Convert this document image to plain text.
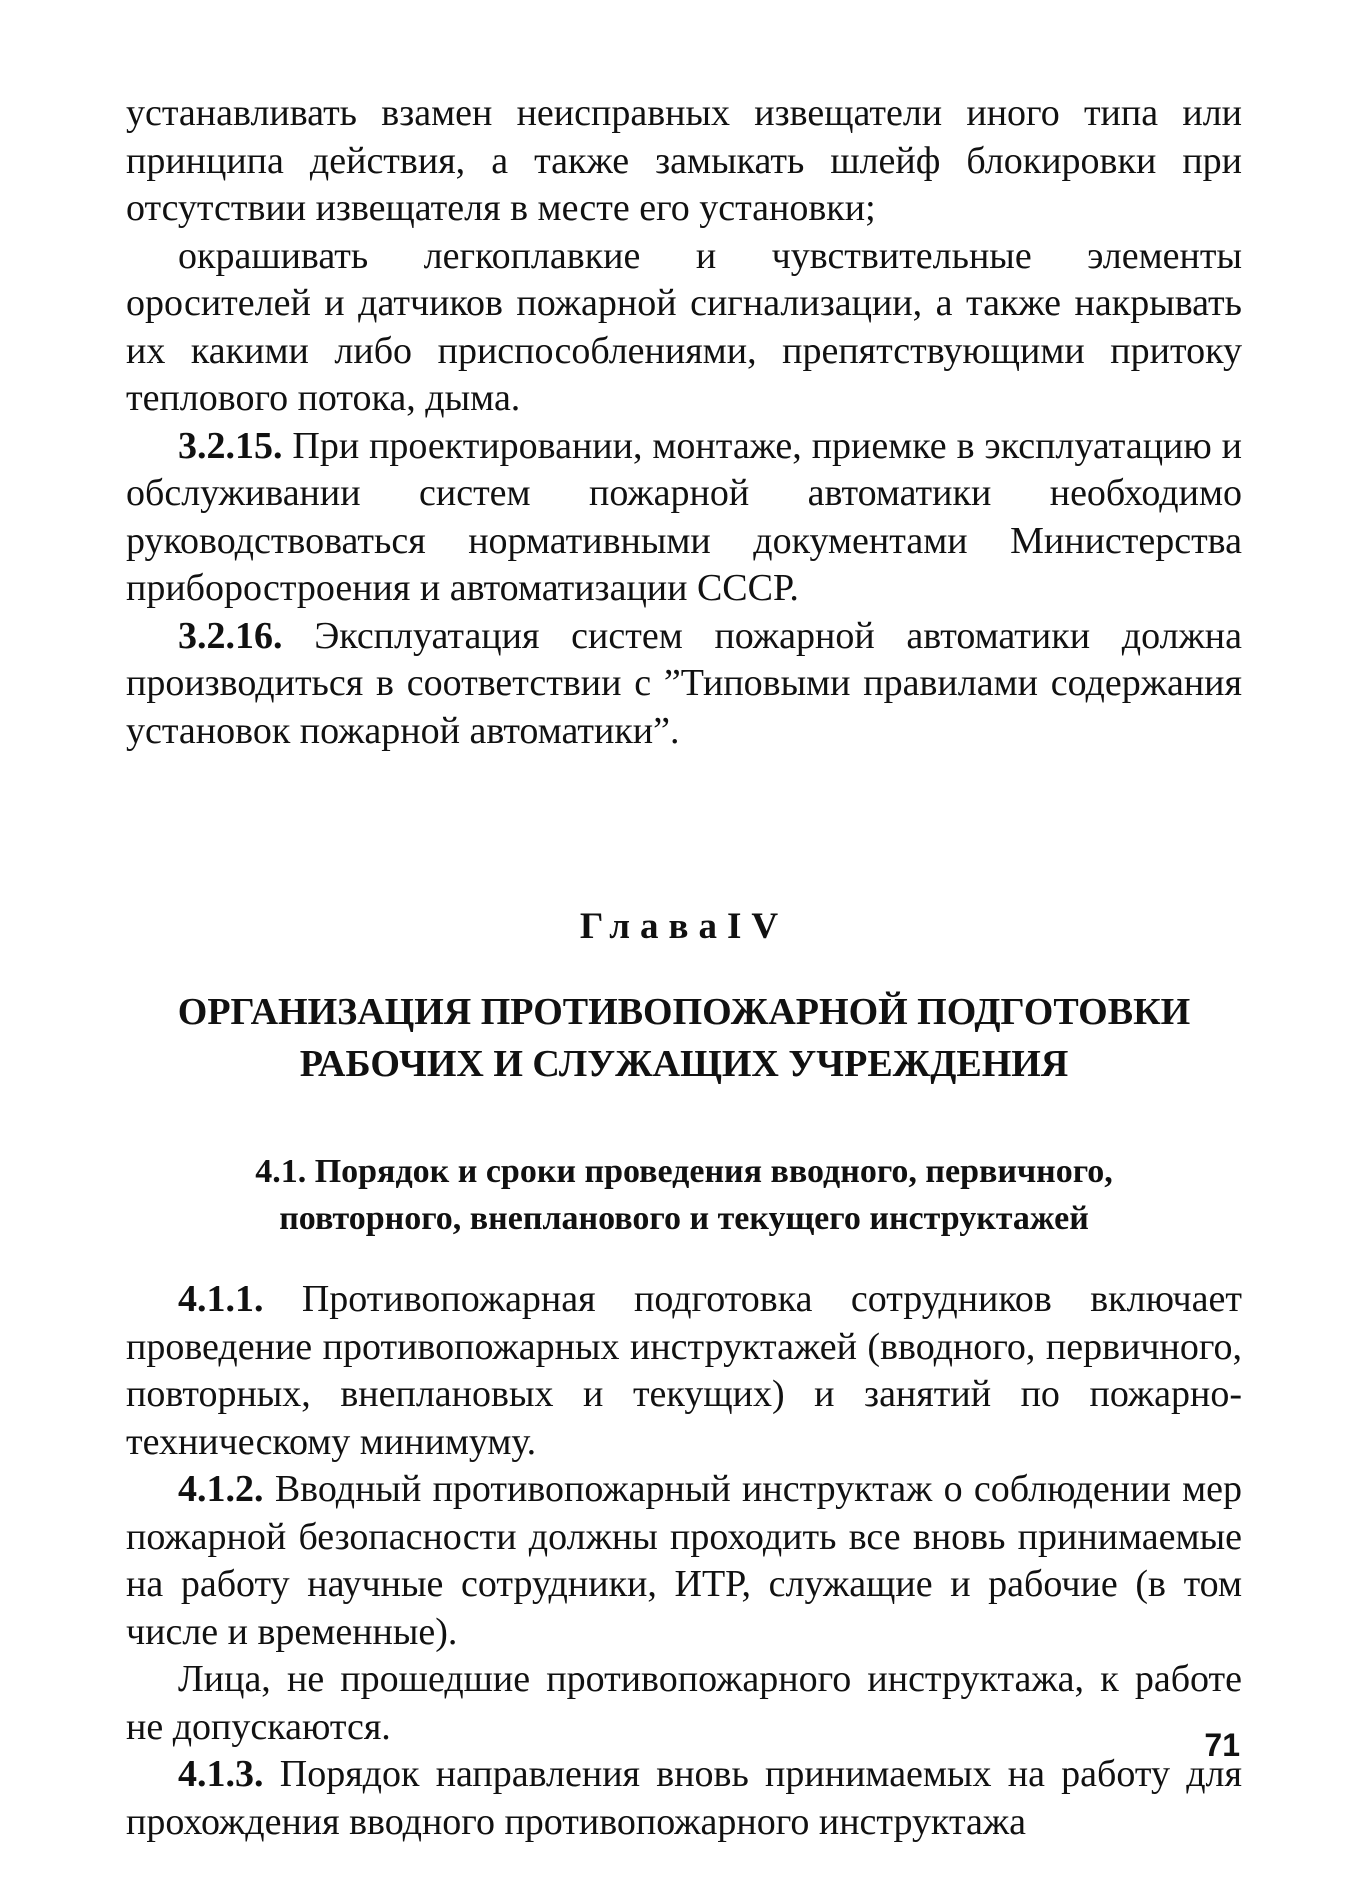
устанавливать взамен неисправных извещатели иного типа или принципа действия, а также замыкать шлейф блокировки при отсутствии извещателя в месте его установки;

окрашивать легкоплавкие и чувствительные элементы оросителей и датчиков пожарной сигнализации, а также накрывать их какими либо приспособлениями, препятствующими притоку теплового потока, дыма.

3.2.15. При проектировании, монтаже, приемке в эксплуатацию и обслуживании систем пожарной автоматики необходимо руководствоваться нормативными документами Министерства приборостроения и автоматизации СССР.

3.2.16. Эксплуатация систем пожарной автоматики должна производиться в соответствии с ”Типовыми правилами содержания установок пожарной автоматики”.

ГлаваIV
ОРГАНИЗАЦИЯ ПРОТИВОПОЖАРНОЙ ПОДГОТОВКИ
РАБОЧИХ И СЛУЖАЩИХ УЧРЕЖДЕНИЯ
4.1. Порядок и сроки проведения вводного, первичного,
повторного, внепланового и текущего инструктажей

4.1.1. Противопожарная подготовка сотрудников включает проведение противопожарных инструктажей (вводного, первичного, повторных, внеплановых и текущих) и занятий по пожарно-техническому минимуму.

4.1.2. Вводный противопожарный инструктаж о соблюдении мер пожарной безопасности должны проходить все вновь принимаемые на работу научные сотрудники, ИТР, служащие и рабочие (в том числе и временные).

Лица, не прошедшие противопожарного инструктажа, к работе не допускаются.

4.1.3. Порядок направления вновь принимаемых на работу для прохождения вводного противопожарного инструктажа

71
